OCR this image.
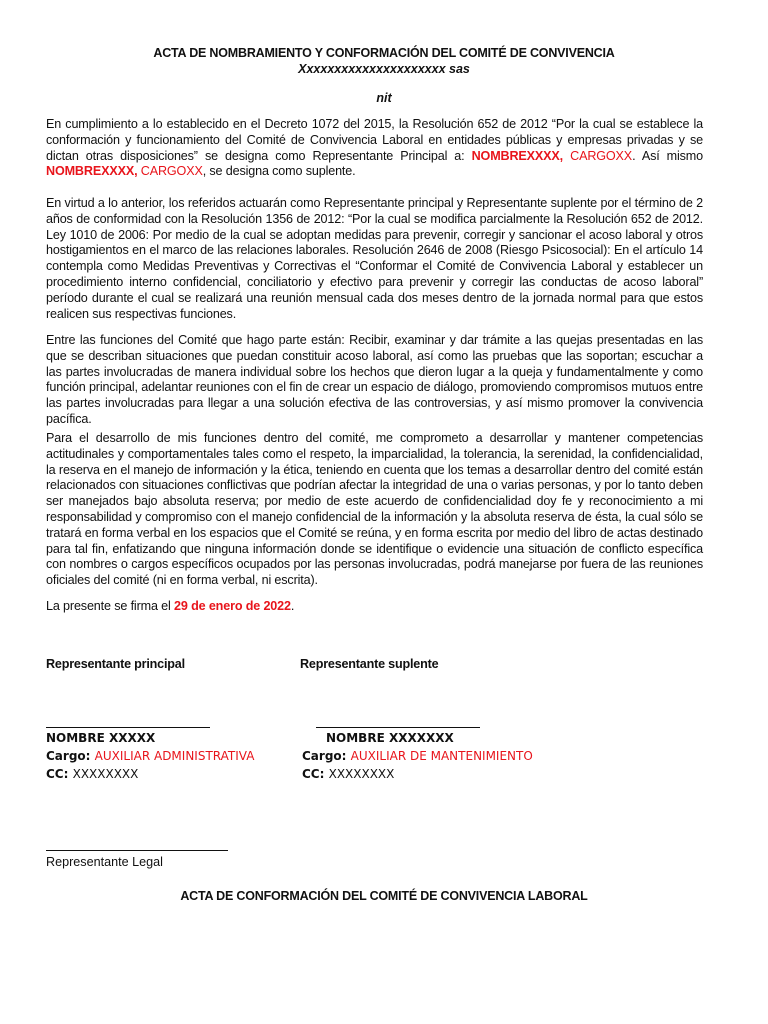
ACTA DE NOMBRAMIENTO Y CONFORMACIÓN DEL COMITÉ DE CONVIVENCIA
Xxxxxxxxxxxxxxxxxxxxx sas
nit
En cumplimiento a lo establecido en el Decreto 1072 del 2015, la Resolución 652 de 2012 “Por la cual se establece la conformación y funcionamiento del Comité de Convivencia Laboral en entidades públicas y empresas privadas y se dictan otras disposiciones” se designa como Representante Principal a: NOMBREXXXX, CARGOXX. Así mismo NOMBREXXXX, CARGOXX, se designa como suplente.
En virtud a lo anterior, los referidos actuarán como Representante principal y Representante suplente por el término de 2 años de conformidad con la Resolución 1356 de 2012: “Por la cual se modifica parcialmente la Resolución 652 de 2012. Ley 1010 de 2006: Por medio de la cual se adoptan medidas para prevenir, corregir y sancionar el acoso laboral y otros hostigamientos en el marco de las relaciones laborales. Resolución 2646 de 2008 (Riesgo Psicosocial): En el artículo 14 contempla como Medidas Preventivas y Correctivas el “Conformar el Comité de Convivencia Laboral y establecer un procedimiento interno confidencial, conciliatorio y efectivo para prevenir y corregir las conductas de acoso laboral” período durante el cual se realizará una reunión mensual cada dos meses dentro de la jornada normal para que estos realicen sus respectivas funciones.
Entre las funciones del Comité que hago parte están: Recibir, examinar y dar trámite a las quejas presentadas en las que se describan situaciones que puedan constituir acoso laboral, así como las pruebas que las soportan; escuchar a las partes involucradas de manera individual sobre los hechos que dieron lugar a la queja y fundamentalmente y como función principal, adelantar reuniones con el fin de crear un espacio de diálogo, promoviendo compromisos mutuos entre las partes involucradas para llegar a una solución efectiva de las controversias, y así mismo promover la convivencia pacífica.
Para el desarrollo de mis funciones dentro del comité, me comprometo a desarrollar y mantener competencias actitudinales y comportamentales tales como el respeto, la imparcialidad, la tolerancia, la serenidad, la confidencialidad, la reserva en el manejo de información y la ética, teniendo en cuenta que los temas a desarrollar dentro del comité están relacionados con situaciones conflictivas que podrían afectar la integridad de una o varias personas, y por lo tanto deben ser manejados bajo absoluta reserva; por medio de este acuerdo de confidencialidad doy fe y reconocimiento a mi responsabilidad y compromiso con el manejo confidencial de la información y la absoluta reserva de ésta, la cual sólo se tratará en forma verbal en los espacios que el Comité se reúna, y en forma escrita por medio del libro de actas destinado para tal fin, enfatizando que ninguna información donde se identifique o evidencie una situación de conflicto específica con nombres o cargos específicos ocupados por las personas involucradas, podrá manejarse por fuera de las reuniones oficiales del comité (ni en forma verbal, ni escrita).
La presente se firma el 29 de enero de 2022.
Representante principal	Representante suplente
NOMBRE XXXXX
Cargo: AUXILIAR ADMINISTRATIVA
CC: XXXXXXXX
NOMBRE XXXXXXX
Cargo: AUXILIAR DE MANTENIMIENTO
CC: XXXXXXXX
Representante Legal
ACTA DE CONFORMACIÓN DEL COMITÉ DE CONVIVENCIA LABORAL
